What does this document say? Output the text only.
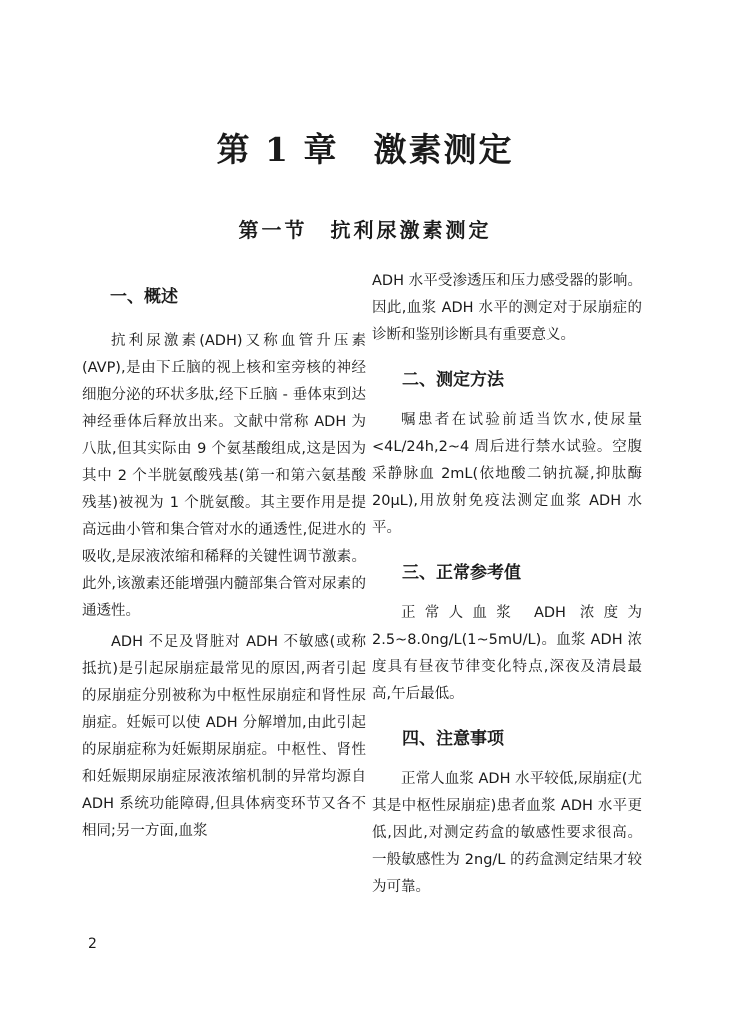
第 1 章　激素测定
第一节　抗利尿激素测定
一、概述

抗利尿激素(ADH)又称血管升压素(AVP),是由下丘脑的视上核和室旁核的神经细胞分泌的环状多肽,经下丘脑 - 垂体束到达神经垂体后释放出来。文献中常称 ADH 为八肽,但其实际由 9 个氨基酸组成,这是因为其中 2 个半胱氨酸残基(第一和第六氨基酸残基)被视为 1 个胱氨酸。其主要作用是提高远曲小管和集合管对水的通透性,促进水的吸收,是尿液浓缩和稀释的关键性调节激素。此外,该激素还能增强内髓部集合管对尿素的通透性。

ADH 不足及肾脏对 ADH 不敏感(或称抵抗)是引起尿崩症最常见的原因,两者引起的尿崩症分别被称为中枢性尿崩症和肾性尿崩症。妊娠可以使 ADH 分解增加,由此引起的尿崩症称为妊娠期尿崩症。中枢性、肾性和妊娠期尿崩症尿液浓缩机制的异常均源自 ADH 系统功能障碍,但具体病变环节又各不相同;另一方面,血浆

ADH 水平受渗透压和压力感受器的影响。因此,血浆 ADH 水平的测定对于尿崩症的诊断和鉴别诊断具有重要意义。

二、测定方法

嘱患者在试验前适当饮水,使尿量<4L/24h,2~4 周后进行禁水试验。空腹采静脉血 2mL(依地酸二钠抗凝,抑肽酶 20μL),用放射免疫法测定血浆 ADH 水平。

三、正常参考值

正常人血浆 ADH 浓度为 2.5~8.0ng/L(1~5mU/L)。血浆 ADH 浓度具有昼夜节律变化特点,深夜及清晨最高,午后最低。

四、注意事项

正常人血浆 ADH 水平较低,尿崩症(尤其是中枢性尿崩症)患者血浆 ADH 水平更低,因此,对测定药盒的敏感性要求很高。一般敏感性为 2ng/L 的药盒测定结果才较为可靠。

2
